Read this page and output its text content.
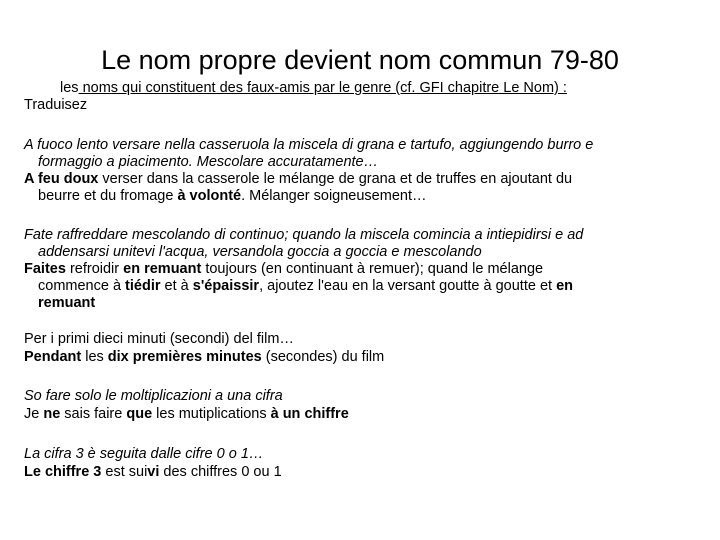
Le nom propre devient nom commun 79-80
les noms qui constituent des faux-amis par le genre (cf. GFI chapitre Le Nom) :
Traduisez
A fuoco lento versare nella casseruola la miscela di grana e tartufo, aggiungendo burro e
formaggio a piacimento. Mescolare accuratamente…
A feu doux verser dans la casserole le mélange de grana et de truffes en ajoutant du
beurre et du fromage à volonté. Mélanger soigneusement…
Fate raffreddare mescolando di continuo; quando la miscela comincia a intiepidirsi e ad
addensarsi unitevi l'acqua, versandola goccia a goccia e mescolando
Faites refroidir en remuant toujours (en continuant à remuer); quand le mélange
commence à tiédir et à s'épaissir, ajoutez l'eau en la versant goutte à goutte et en
remuant
Per i primi dieci minuti (secondi) del film…
Pendant les dix premières minutes (secondes) du film
So fare solo le moltiplicazioni a una cifra
Je ne sais faire que les mutiplications à un chiffre
La cifra 3 è seguita dalle cifre 0 o 1…
Le chiffre 3 est suivi des chiffres 0 ou 1
